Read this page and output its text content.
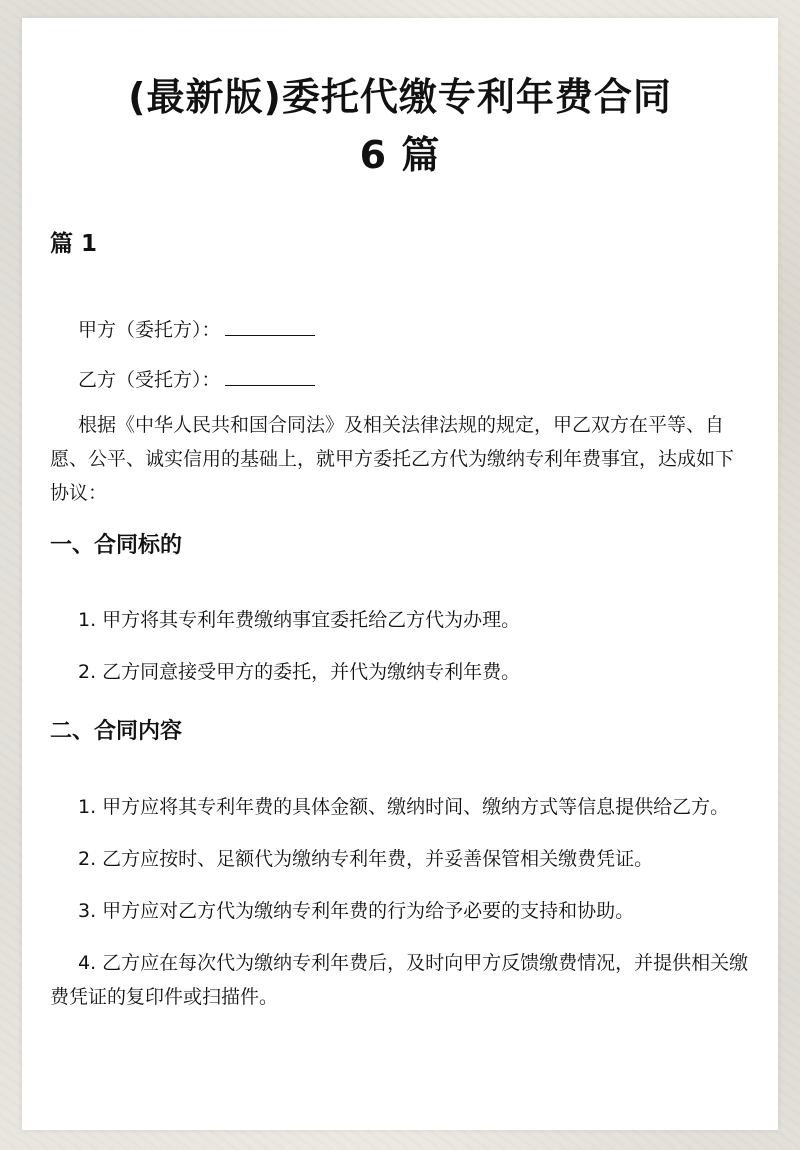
(最新版)委托代缴专利年费合同
6 篇

篇 1

甲方（委托方）：

乙方（受托方）：

根据《中华人民共和国合同法》及相关法律法规的规定，甲乙双方在平等、自愿、公平、诚实信用的基础上，就甲方委托乙方代为缴纳专利年费事宜，达成如下协议：

一、合同标的

1. 甲方将其专利年费缴纳事宜委托给乙方代为办理。

2. 乙方同意接受甲方的委托，并代为缴纳专利年费。

二、合同内容

1. 甲方应将其专利年费的具体金额、缴纳时间、缴纳方式等信息提供给乙方。

2. 乙方应按时、足额代为缴纳专利年费，并妥善保管相关缴费凭证。

3. 甲方应对乙方代为缴纳专利年费的行为给予必要的支持和协助。

4. 乙方应在每次代为缴纳专利年费后，及时向甲方反馈缴费情况，并提供相关缴费凭证的复印件或扫描件。
